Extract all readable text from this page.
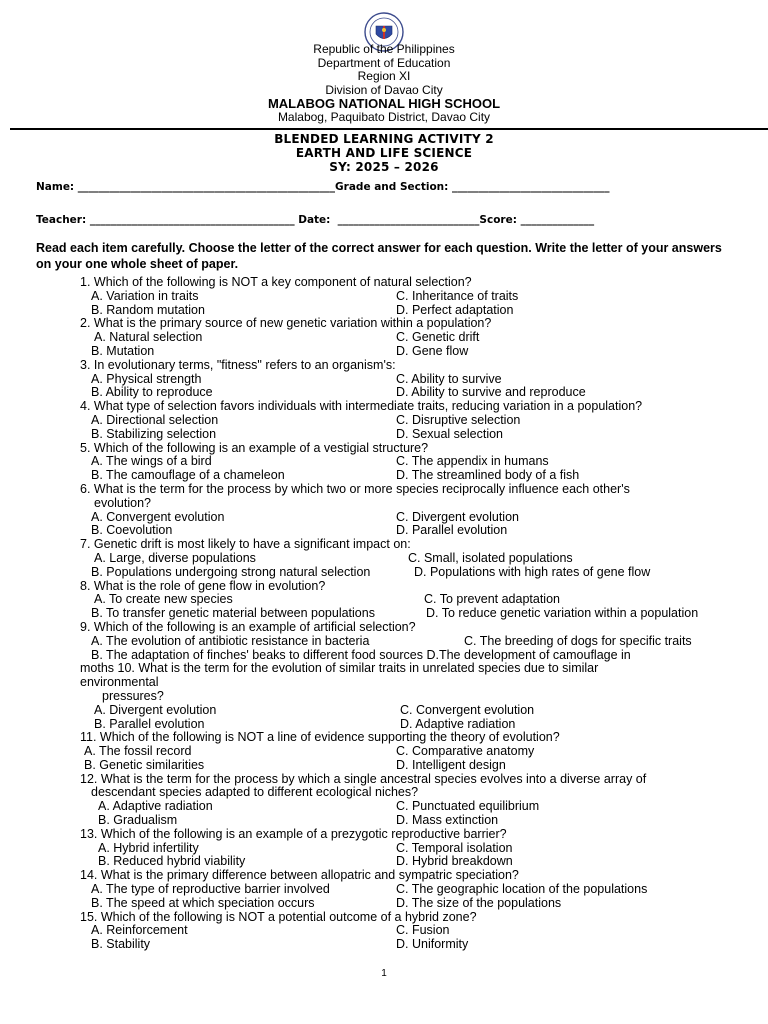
Republic of the Philippines
Department of Education
Region XI
Division of Davao City
MALABOG NATIONAL HIGH SCHOOL
Malabog, Paquibato District, Davao City
BLENDED LEARNING ACTIVITY 2
EARTH AND LIFE SCIENCE
SY: 2025 – 2026
Name: _________________________________________________Grade and Section: ______________________________
Teacher: _______________________________________ Date:  ___________________________Score: ______________
Read each item carefully. Choose the letter of the correct answer for each question. Write the letter of your answers on your one whole sheet of paper.
1. Which of the following is NOT a key component of natural selection?
A. Variation in traits	C. Inheritance of traits
B. Random mutation	D. Perfect adaptation
2. What is the primary source of new genetic variation within a population?
A. Natural selection	C. Genetic drift
B. Mutation	D. Gene flow
3. In evolutionary terms, "fitness" refers to an organism's:
A. Physical strength	C. Ability to survive
B. Ability to reproduce	D. Ability to survive and reproduce
4. What type of selection favors individuals with intermediate traits, reducing variation in a population?
A. Directional selection	C. Disruptive selection
B. Stabilizing selection	D. Sexual selection
5. Which of the following is an example of a vestigial structure?
A. The wings of a bird	C. The appendix in humans
B. The camouflage of a chameleon	D. The streamlined body of a fish
6. What is the term for the process by which two or more species reciprocally influence each other's
evolution?
A. Convergent evolution	C. Divergent evolution
B. Coevolution	D. Parallel evolution
7. Genetic drift is most likely to have a significant impact on:
A. Large, diverse populations	C. Small, isolated populations
B. Populations undergoing strong natural selection	D. Populations with high rates of gene flow
8. What is the role of gene flow in evolution?
A. To create new species	C. To prevent adaptation
B. To transfer genetic material between populations	D. To reduce genetic variation within a population
9. Which of the following is an example of artificial selection?
A. The evolution of antibiotic resistance in bacteria	C. The breeding of dogs for specific traits
B. The adaptation of finches' beaks to different food sources D.The development of camouflage in
moths 10. What is the term for the evolution of similar traits in unrelated species due to similar
environmental
pressures?
A. Divergent evolution	C. Convergent evolution
B. Parallel evolution	D. Adaptive radiation
11. Which of the following is NOT a line of evidence supporting the theory of evolution?
A. The fossil record	C. Comparative anatomy
B. Genetic similarities	D. Intelligent design
12. What is the term for the process by which a single ancestral species evolves into a diverse array of
descendant species adapted to different ecological niches?
A. Adaptive radiation	C. Punctuated equilibrium
B. Gradualism	D. Mass extinction
13. Which of the following is an example of a prezygotic reproductive barrier?
A. Hybrid infertility	C. Temporal isolation
B. Reduced hybrid viability	D. Hybrid breakdown
14. What is the primary difference between allopatric and sympatric speciation?
A. The type of reproductive barrier involved	C. The geographic location of the populations
B. The speed at which speciation occurs	D. The size of the populations
15. Which of the following is NOT a potential outcome of a hybrid zone?
A. Reinforcement	C. Fusion
B. Stability	D. Uniformity
1
